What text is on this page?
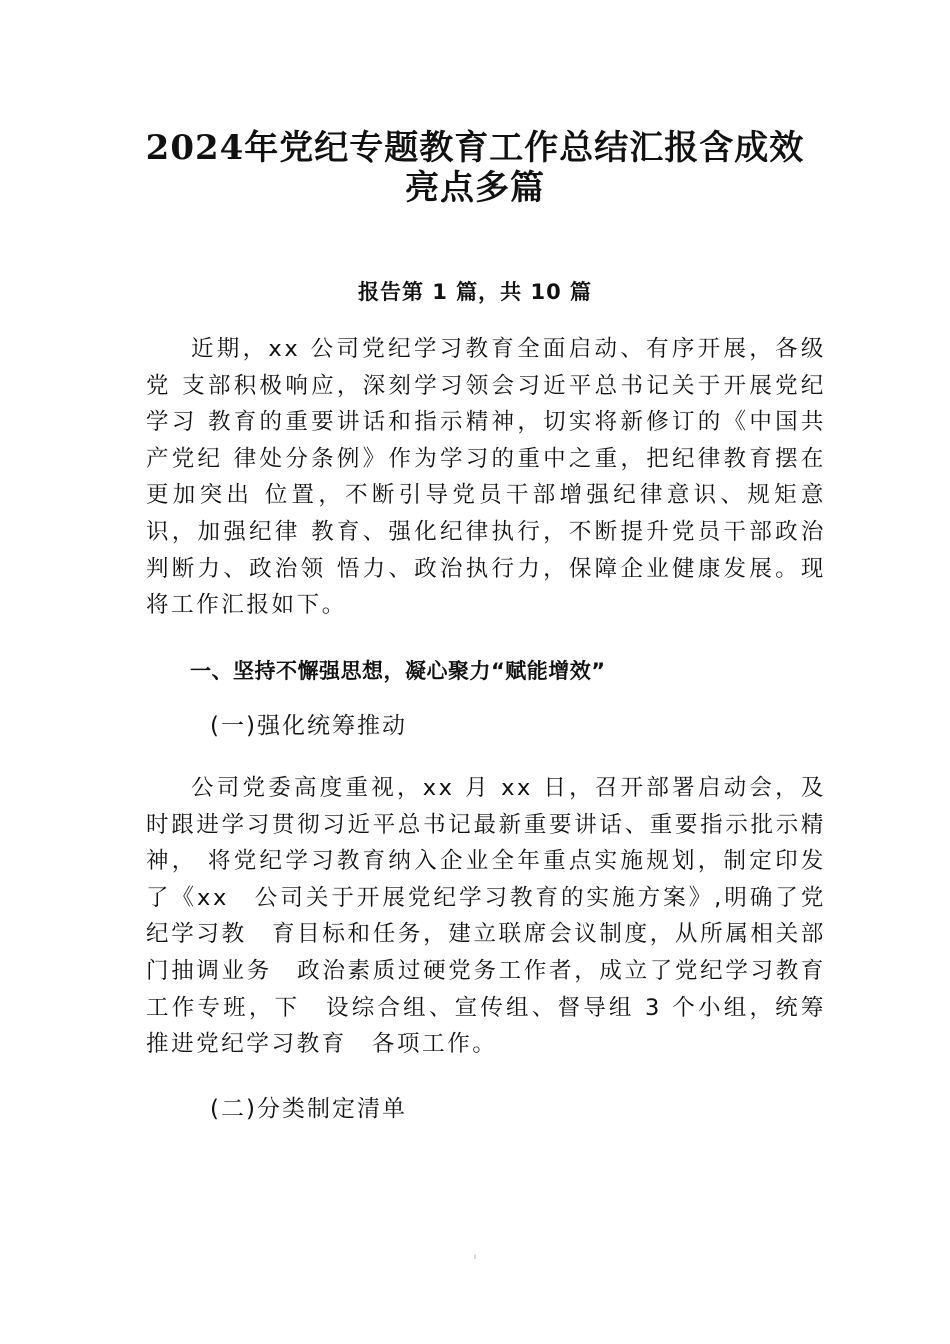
2024年党纪专题教育工作总结汇报含成效
亮点多篇
报告第 1 篇，共 10 篇
近期，xx 公司党纪学习教育全面启动、有序开展，各级党 支部积极响应，深刻学习领会习近平总书记关于开展党纪学习 教育的重要讲话和指示精神，切实将新修订的《中国共产党纪 律处分条例》作为学习的重中之重，把纪律教育摆在更加突出 位置，不断引导党员干部增强纪律意识、规矩意识，加强纪律 教育、强化纪律执行，不断提升党员干部政治判断力、政治领 悟力、政治执行力，保障企业健康发展。现将工作汇报如下。
一、坚持不懈强思想，凝心聚力“赋能增效”
(一)强化统筹推动
公司党委高度重视，xx 月 xx 日，召开部署启动会，及时跟进学习贯彻习近平总书记最新重要讲话、重要指示批示精神， 将党纪学习教育纳入企业全年重点实施规划，制定印发了《xx　公司关于开展党纪学习教育的实施方案》,明确了党纪学习教　育目标和任务，建立联席会议制度，从所属相关部门抽调业务　政治素质过硬党务工作者，成立了党纪学习教育工作专班，下　设综合组、宣传组、督导组 3 个小组，统筹推进党纪学习教育　各项工作。
(二)分类制定清单
ı
